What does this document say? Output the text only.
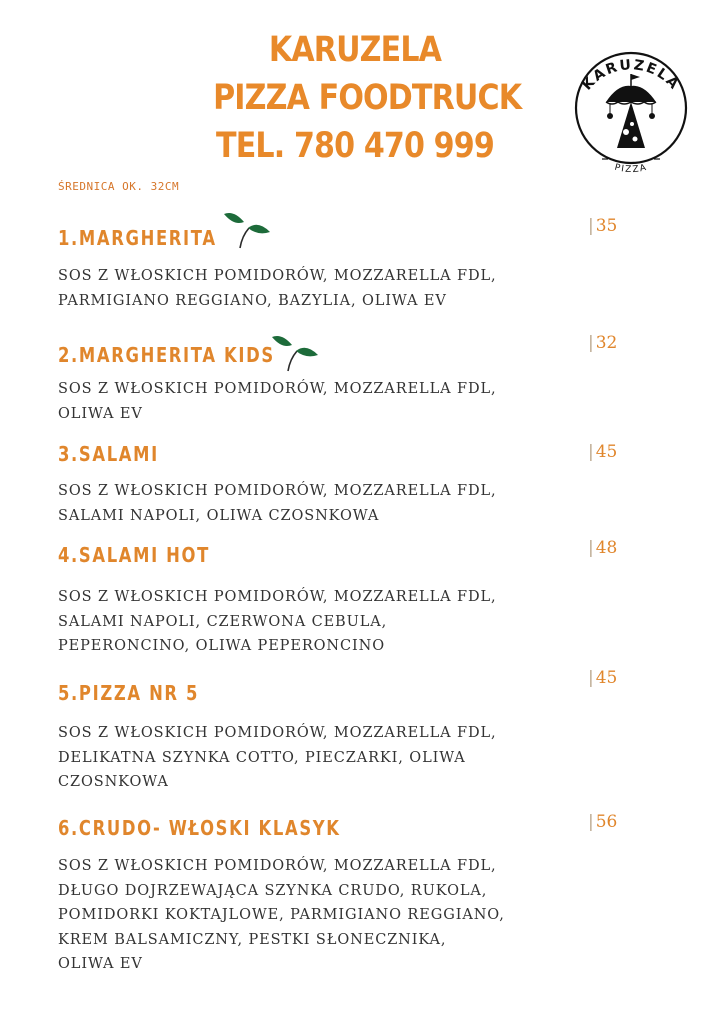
KARUZELA
PIZZA FOODTRUCK
TEL. 780 470 999
KARUZELA
PIZZA
ŚREDNICA OK. 32CM
1.MARGHERITA	| 35
SOS Z WŁOSKICH POMIDORÓW, MOZZARELLA FDL,
PARMIGIANO REGGIANO, BAZYLIA, OLIWA EV
2.MARGHERITA KIDS	| 32
SOS Z WŁOSKICH POMIDORÓW, MOZZARELLA FDL,
OLIWA EV
3.SALAMI	| 45
SOS Z WŁOSKICH POMIDORÓW, MOZZARELLA FDL,
SALAMI NAPOLI, OLIWA CZOSNKOWA
4.SALAMI HOT	| 48
SOS Z WŁOSKICH POMIDORÓW, MOZZARELLA FDL,
SALAMI NAPOLI, CZERWONA CEBULA,
PEPERONCINO, OLIWA PEPERONCINO
5.PIZZA NR 5
| 45
SOS Z WŁOSKICH POMIDORÓW, MOZZARELLA FDL,
DELIKATNA SZYNKA COTTO, PIECZARKI, OLIWA
CZOSNKOWA
6.CRUDO- WŁOSKI KLASYK	| 56
SOS Z WŁOSKICH POMIDORÓW, MOZZARELLA FDL,
DŁUGO DOJRZEWAJĄCA SZYNKA CRUDO, RUKOLA,
POMIDORKI KOKTAJLOWE, PARMIGIANO REGGIANO,
KREM BALSAMICZNY, PESTKI SŁONECZNIKA,
OLIWA EV
